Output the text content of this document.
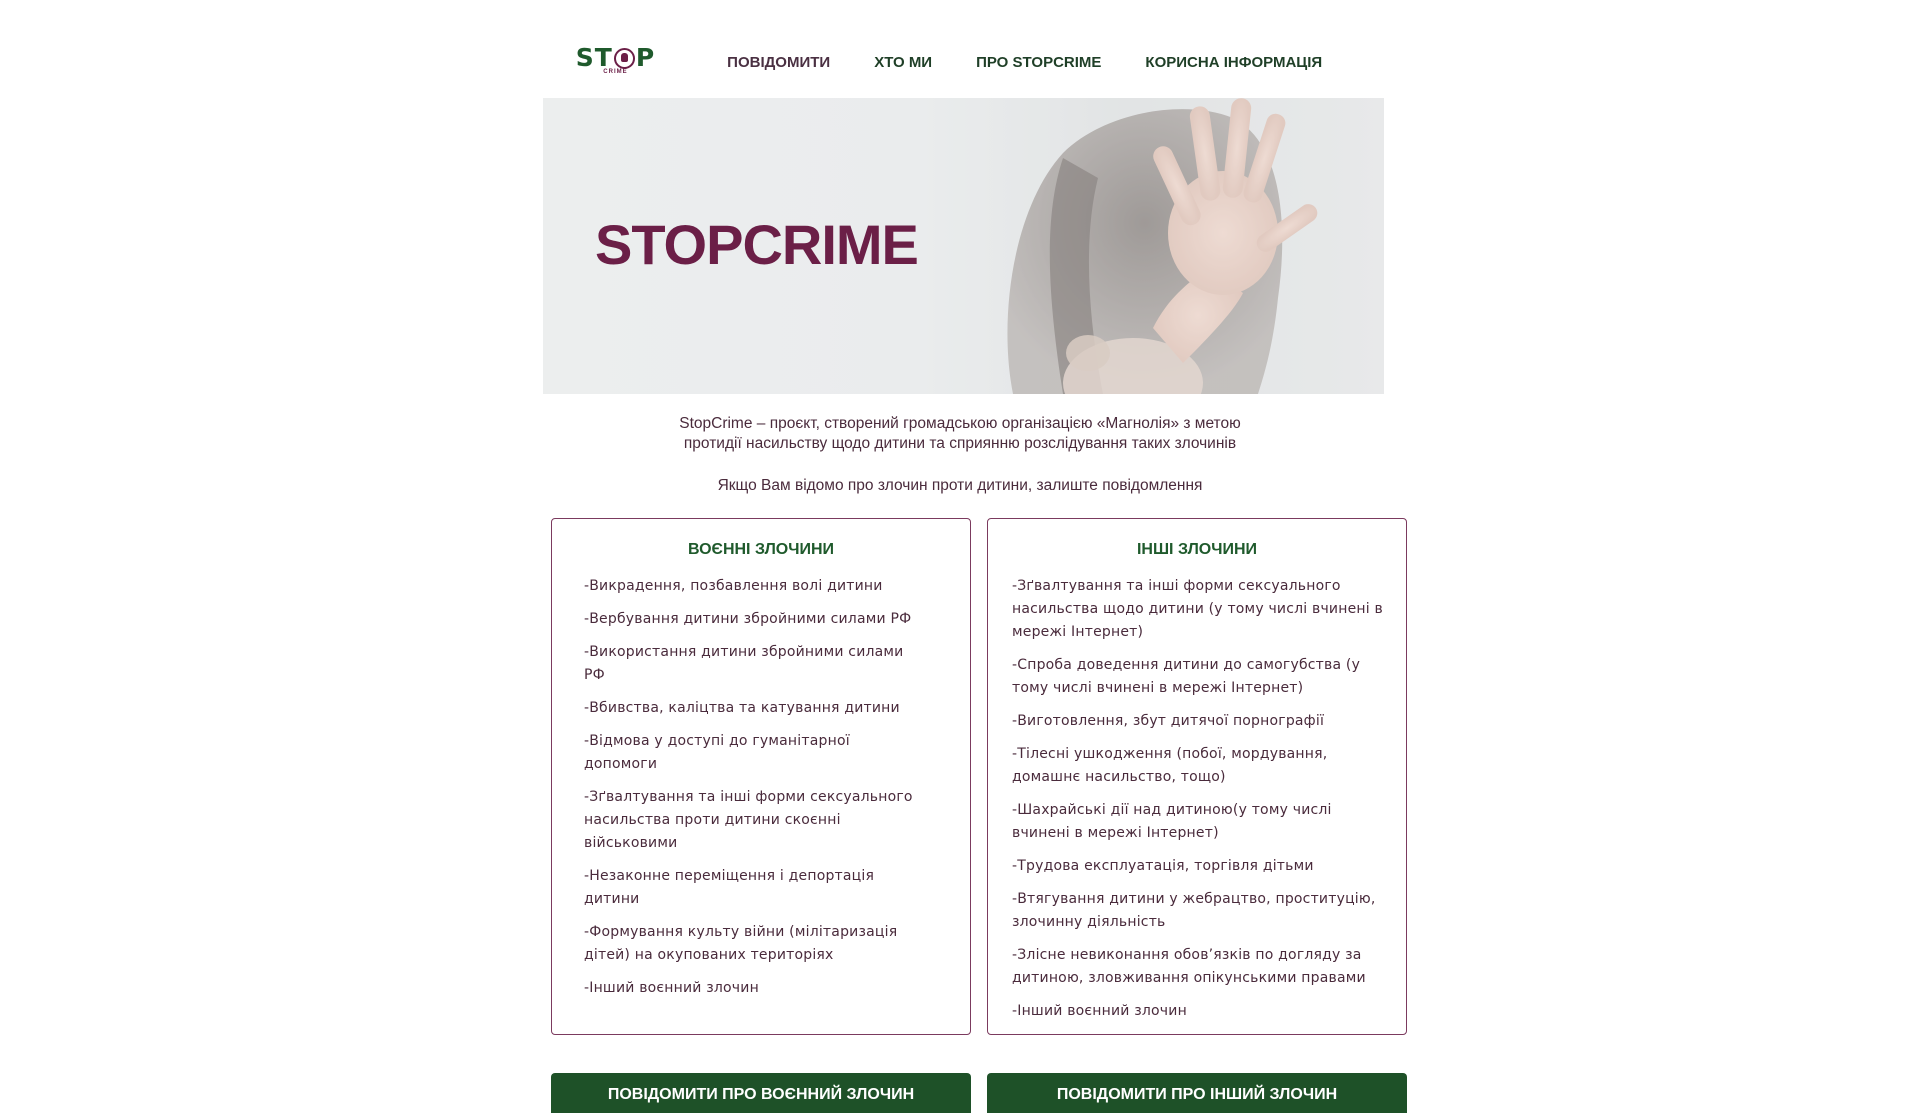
ST P
CRIME
ПОВІДОМИТИ	ХТО МИ	ПРО STOPCRIME	КОРИСНА ІНФОРМАЦІЯ
STOPCRIME

StopCrime – проєкт, створений громадською організацією «Магнолія» з метою

протидії насильству щодо дитини та сприянню розслідування таких злочинів

Якщо Вам відомо про злочин проти дитини, залиште повідомлення

ВОЄННІ ЗЛОЧИНИ
-Викрадення, позбавлення волі дитини
-Вербування дитини збройними силами РФ
-Використання дитини збройними силами РФ
-Вбивства, каліцтва та катування дитини
-Відмова у доступі до гуманітарної допомоги
-Зґвалтування та інші форми сексуального насильства проти дитини скоєнні військовими
-Незаконне переміщення і депортація дитини
-Формування культу війни (мілітаризація дітей) на окупованих територіях
-Інший воєнний злочин
ІНШІ ЗЛОЧИНИ
-Зґвалтування та інші форми сексуального насильства щодо дитини (у тому числі вчинені в мережі Інтернет)
-Спроба доведення дитини до самогубства (у тому числі вчинені в мережі Інтернет)
-Виготовлення, збут дитячої порнографії
-Тілесні ушкодження (побої, мордування, домашнє насильство, тощо)
-Шахрайські дії над дитиною(у тому числі вчинені в мережі Інтернет)
-Трудова експлуатація, торгівля дітьми
-Втягування дитини у жебрацтво, проституцію, злочинну діяльність
-Злісне невиконання обов’язків по догляду за дитиною, зловживання опікунськими правами
-Інший воєнний злочин
ПОВІДОМИТИ ПРО ВОЄННИЙ ЗЛОЧИН	ПОВІДОМИТИ ПРО ІНШИЙ ЗЛОЧИН
